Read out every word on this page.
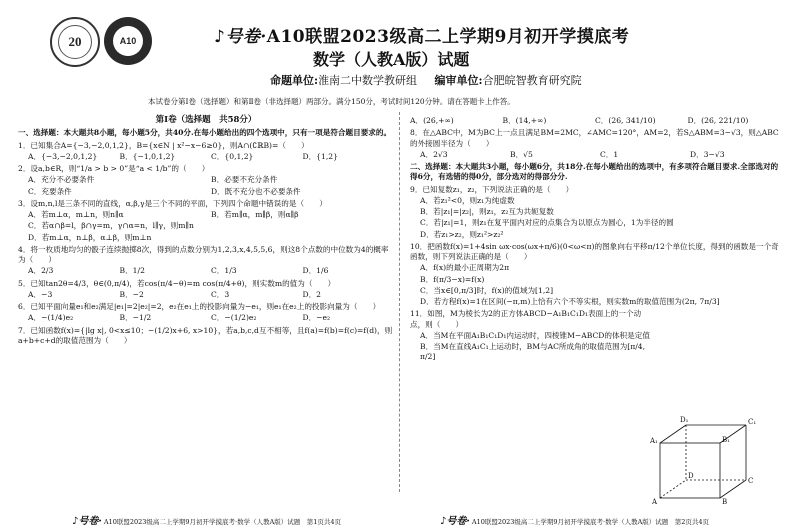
20	A10	♪号卷·A10联盟2023级高二上学期9月初开学摸底考
数学（人教A版）试题
命题单位:淮南二中数学教研组 编审单位:合肥皖智教育研究院
本试卷分第Ⅰ卷（选择题）和第Ⅱ卷（非选择题）两部分。满分150分，考试时间120分钟。请在答题卡上作答。
第Ⅰ卷（选择题　共58分）
一、选择题：本大题共8小题，每小题5分，共40分.在每小题给出的四个选项中，只有一项是符合题目要求的。
1．已知集合A={−3,−2,0,1,2}，B={x∈N | x²−x−6≥0}，则A∩(∁ℝB)=（　　）
A．{−3,−2,0,1,2}	B．{−1,0,1,2}	C．{0,1,2}	D．{1,2}
2．设a,b∈R，则“1/a > b > 0”是“a < 1/b”的（　　）
A．充分不必要条件	B．必要不充分条件
C．充要条件	D．既不充分也不必要条件
3．设m,n,l是三条不同的直线，α,β,γ是三个不同的平面，下列四个命题中错误的是（　　）
A．若m⊥α，m⊥n，则n∥α	B．若m∥α，m∥β，则α∥β
C．若α∩β=l，β∩γ=m，γ∩α=n，l∥γ，则m∥n
D．若m⊥α，n⊥β，α⊥β，则m⊥n
4．将一枚质地均匀的骰子连续抛掷8次，得到的点数分别为1,2,3,x,4,5,5,6，则这8个点数的中位数为4的概率为（　　）
A．2/3	B．1/2	C．1/3	D．1/6
5．已知tan2θ=4/3，θ∈(0,π/4)，若cos(π/4−θ)=m cos(π/4+θ)，则实数m的值为（　　）
A．−3	B．−2	C．3	D．2
6．已知平面向量e₁和e₂满足|e₁|=2|e₂|=2，e₂在e₁上的投影向量为−e₁，则e₁在e₂上的投影向量为（　　）
A．−(1/4)e₂	B．−1/2	C．−(1/2)e₂	D．−e₂
7．已知函数f(x)={|lg x|, 0<x≤10；−(1/2)x+6, x>10}，若a,b,c,d互不相等，且f(a)=f(b)=f(c)=f(d)，则a+b+c+d的取值范围为（　　）
A．(26,+∞)	B．(14,+∞)	C．(26, 341/10)	D．(26, 221/10)
8．在△ABC中，M为BC上一点且满足BM=2MC，∠AMC=120°，AM=2，若S△ABM=3−√3，则△ABC的外接圆半径为（　　）
A．2√3	B．√5	C．1	D．3−√3
二、选择题：本大题共3小题，每小题6分，共18分.在每小题给出的选项中，有多项符合题目要求.全部选对的得6分，有选错的得0分，部分选对的得部分分.
9．已知复数z₁，z₂，下列说法正确的是（　　）
A．若z₁²<0，则z₁为纯虚数
B．若|z₁|=|z₂|，则z₁，z₂互为共轭复数
C．若|z₁|=1，则z₁在复平面内对应的点集合为以原点为圆心，1为半径的圆
D．若z₁>z₂，则z₁²>z₂²
10．把函数f(x)=1+4sin ωx·cos(ωx+π/6)(0<ω<π)的图象向右平移π/12个单位长度，得到的函数是一个奇函数，则下列说法正确的是（　　）
A．f(x)的最小正周期为2π
B．f(π/3−x)=f(x)
C．当x∈[0,π/3]时，f(x)的值域为[1,2]
D．若方程f(x)=1在区间(−π,m)上恰有六个不等实根，则实数m的取值范围为(2π, 7π/3]
11．如图，M为棱长为2的正方体ABCD−A₁B₁C₁D₁表面上的一个动点，则（　　）
A．当M在平面A₁B₁C₁D₁内运动时，四棱锥M−ABCD的体积是定值
B．当M在直线A₁C₁上运动时，BM与AC所成角的取值范围为[π/4, π/2]
D₁	C₁
A₁	B₁
D
C
A	B
♪号卷· A10联盟2023级高二上学期9月初开学摸底考·数学（人教A版）试题　第1页共4页	♪号卷· A10联盟2023级高二上学期9月初开学摸底考·数学（人教A版）试题　第2页共4页
